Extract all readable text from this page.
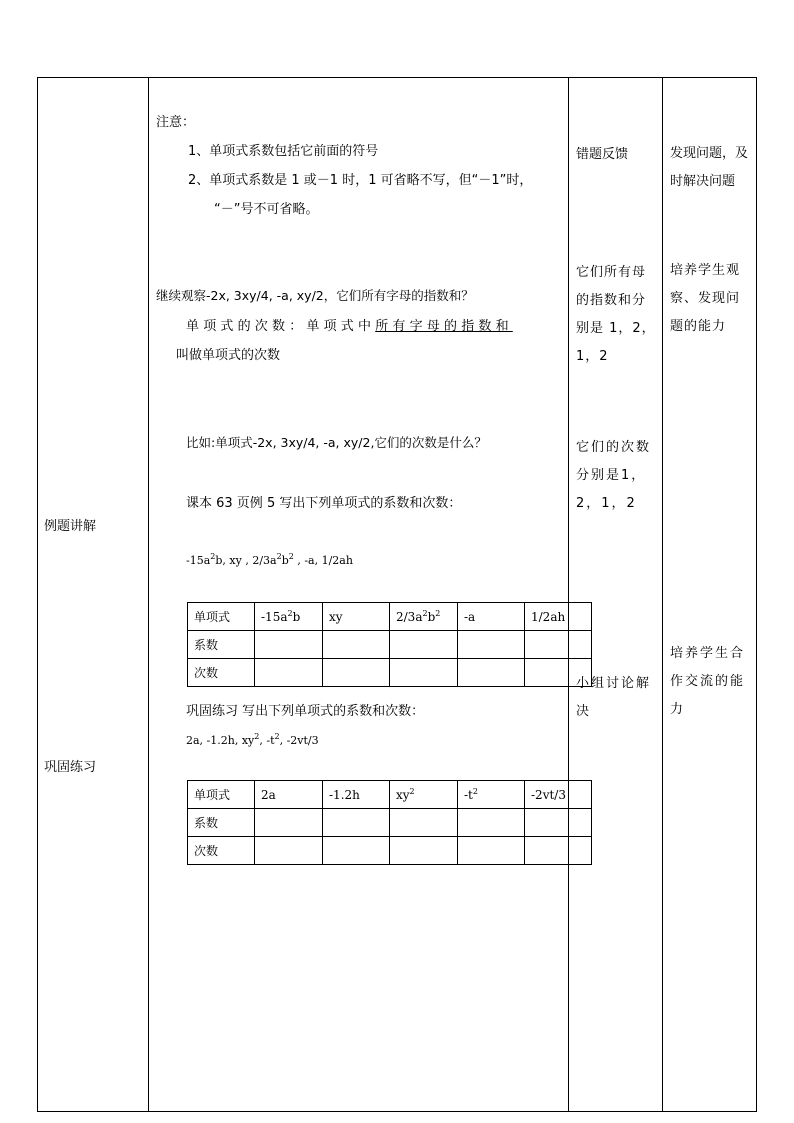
例题讲解
巩固练习
注意：
1、单项式系数包括它前面的符号
2、单项式系数是 1 或－1 时，1 可省略不写，但“－1”时，
“－”号不可省略。
继续观察-2x, 3xy/4, -a, xy/2，它们所有字母的指数和？
单项式的次数：单项式中所有字母的指数和
叫做单项式的次数
比如:单项式-2x, 3xy/4, -a, xy/2,它们的次数是什么？
课本 63 页例 5 写出下列单项式的系数和次数：
$-15a^2b$, xy , $2/3a^2b^2$ , -a, 1/2ah
单项式	$-15a^2b$	xy	$2/3a^2b^2$	-a	1/2ah
系数					
次数					
巩固练习 写出下列单项式的系数和次数：
2a, -1.2h, $xy^2$, $-t^2$, -2vt/3
单项式	2a	-1.2h	$xy^2$	$-t^2$	-2vt/3
系数					
次数					
错题反馈
它们所有母的指数和分别是 1，2，1，2
它们的次数分别是1，2，1，2
小组讨论解决
发现问题，及时解决问题
培养学生观察、发现问题的能力
培养学生合作交流的能力
